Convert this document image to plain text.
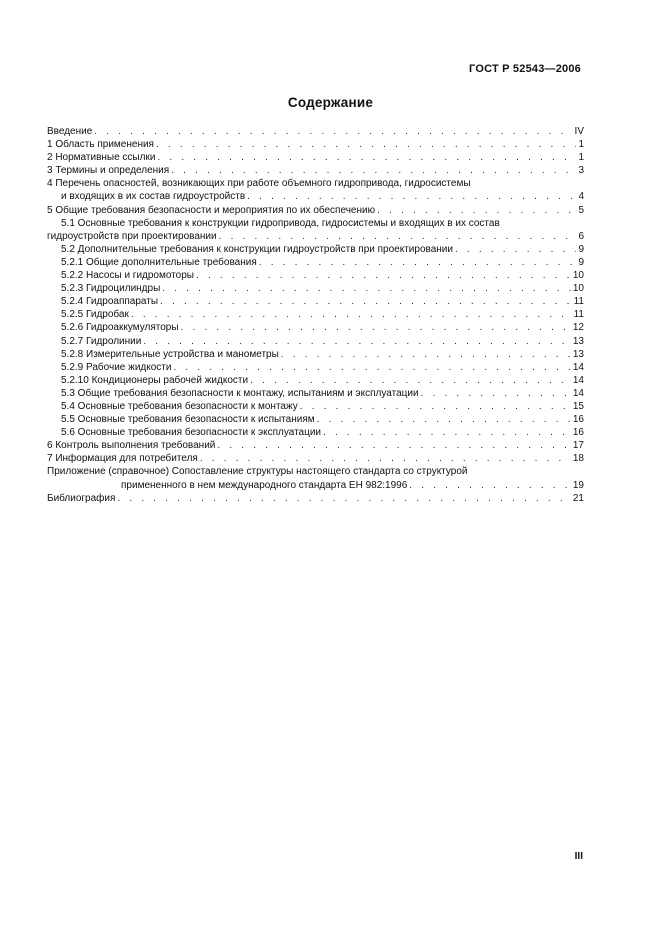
ГОСТ Р 52543—2006
Содержание
Введение . . .	IV
1 Область применения . . .	1
2 Нормативные ссылки . . .	1
3 Термины и определения . . .	3
4 Перечень опасностей, возникающих при работе объемного гидропривода, гидросистемы
и входящих в их состав гидроустройств . . .	4
5 Общие требования безопасности и мероприятия по их обеспечению . . .	5
5.1 Основные требования к конструкции гидропривода, гидросистемы и входящих в их состав
гидроустройств при проектировании . . .	6
5.2 Дополнительные требования к конструкции гидроустройств при проектировании . . .	9
5.2.1 Общие дополнительные требования . . .	9
5.2.2 Насосы и гидромоторы . . .	10
5.2.3 Гидроцилиндры . . .	10
5.2.4 Гидроаппараты . . .	11
5.2.5 Гидробак . . .	11
5.2.6 Гидроаккумуляторы . . .	12
5.2.7 Гидролинии . . .	13
5.2.8 Измерительные устройства и манометры . . .	13
5.2.9 Рабочие жидкости . . .	14
5.2.10 Кондиционеры рабочей жидкости . . .	14
5.3 Общие требования безопасности к монтажу, испытаниям и эксплуатации . . .	14
5.4 Основные требования безопасности к монтажу . . .	15
5.5 Основные требования безопасности к испытаниям . . .	16
5.6 Основные требования безопасности к эксплуатации . . .	16
6 Контроль выполнения требований . . .	17
7 Информация для потребителя . . .	18
Приложение (справочное) Сопоставление структуры настоящего стандарта со структурой
примененного в нем международного стандарта ЕН 982:1996 . . .	19
Библиография . . .	21
III
